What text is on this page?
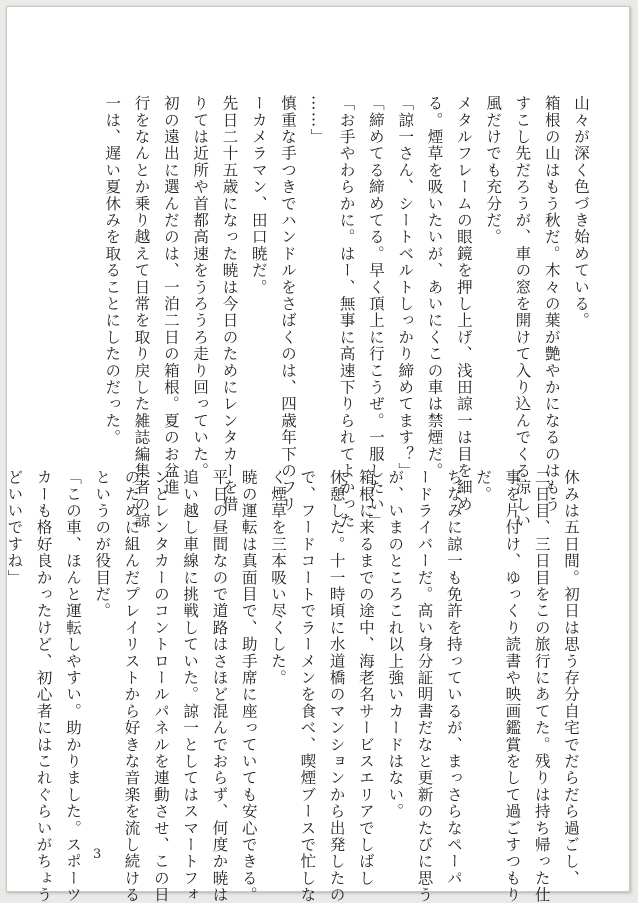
山々が深く色づき始めている。

箱根の山はもう秋だ。木々の葉が艶やかになるのはもう

すこし先だろうが、車の窓を開けて入り込んでくる涼しい

風だけでも充分だ。

メタルフレームの眼鏡を押し上げ、浅田諒一は目を細め

る。煙草を吸いたいが、あいにくこの車は禁煙だ。

「諒一さん、シートベルトしっかり締めてます？」

「締めてる締めてる。早く頂上に行こうぜ。一服したい」

「お手やわらかに。はー、無事に高速下りられてよかった

……」

慎重な手つきでハンドルをさばくのは、四歳年下のフリ

ーカメラマン、田口暁だ。

先日二十五歳になった暁は今日のためにレンタカーを借

りては近所や首都高速をうろうろ走り回っていた。

初の遠出に選んだのは、一泊二日の箱根。夏のお盆進

行をなんとか乗り越えて日常を取り戻した雑誌編集者の諒

一は、遅い夏休みを取ることにしたのだった。

休みは五日間。初日は思う存分自宅でだらだら過ごし、

二日目、三日目をこの旅行にあてた。残りは持ち帰った仕

事を片付け、ゆっくり読書や映画鑑賞をして過ごすつもり

だ。

ちなみに諒一も免許を持っているが、まっさらなペーパ

ードライバーだ。高い身分証明書だなと更新のたびに思う

が、いまのところこれ以上強いカードはない。

箱根に来るまでの途中、海老名サービスエリアでしばし

休憩した。十一時頃に水道橋のマンションから出発したの

で、フードコートでラーメンを食べ、喫煙ブースで忙しな

く煙草を三本吸い尽くした。

暁の運転は真面目で、助手席に座っていても安心できる。

平日の昼間なので道路はさほど混んでおらず、何度か暁は

追い越し車線に挑戦していた。諒一としてはスマートフォ

ンとレンタカーのコントロールパネルを連動させ、この日

のために組んだプレイリストから好きな音楽を流し続ける

というのが役目だ。

「この車、ほんと運転しやすい。助かりました。スポーツ

カーも格好良かったけど、初心者にはこれぐらいがちょう

どいいですね」

3
